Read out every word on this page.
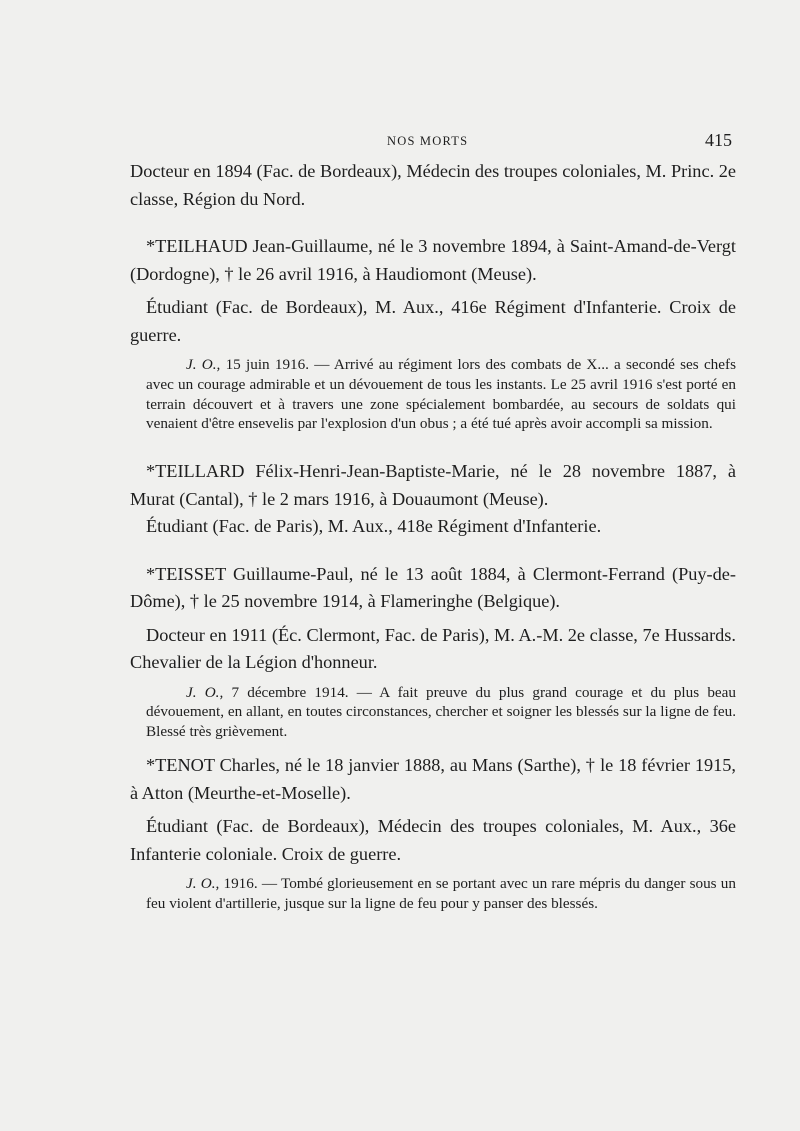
NOS MORTS	415

Docteur en 1894 (Fac. de Bordeaux), Médecin des troupes coloniales, M. Princ. 2e classe, Région du Nord.

*TEILHAUD Jean-Guillaume, né le 3 novembre 1894, à Saint-Amand-de-Vergt (Dordogne), † le 26 avril 1916, à Haudiomont (Meuse).

Étudiant (Fac. de Bordeaux), M. Aux., 416e Régiment d'Infanterie. Croix de guerre.

J. O., 15 juin 1916. — Arrivé au régiment lors des combats de X... a secondé ses chefs avec un courage admirable et un dévouement de tous les instants. Le 25 avril 1916 s'est porté en terrain découvert et à travers une zone spécialement bombardée, au secours de soldats qui venaient d'être ensevelis par l'explosion d'un obus ; a été tué après avoir accompli sa mission.

*TEILLARD Félix-Henri-Jean-Baptiste-Marie, né le 28 novembre 1887, à Murat (Cantal), † le 2 mars 1916, à Douaumont (Meuse).

Étudiant (Fac. de Paris), M. Aux., 418e Régiment d'Infanterie.

*TEISSET Guillaume-Paul, né le 13 août 1884, à Clermont-Ferrand (Puy-de-Dôme), † le 25 novembre 1914, à Flameringhe (Belgique).

Docteur en 1911 (Éc. Clermont, Fac. de Paris), M. A.-M. 2e classe, 7e Hussards. Chevalier de la Légion d'honneur.

J. O., 7 décembre 1914. — A fait preuve du plus grand courage et du plus beau dévouement, en allant, en toutes circonstances, chercher et soigner les blessés sur la ligne de feu. Blessé très grièvement.

*TENOT Charles, né le 18 janvier 1888, au Mans (Sarthe), † le 18 février 1915, à Atton (Meurthe-et-Moselle).

Étudiant (Fac. de Bordeaux), Médecin des troupes coloniales, M. Aux., 36e Infanterie coloniale. Croix de guerre.

J. O., 1916. — Tombé glorieusement en se portant avec un rare mépris du danger sous un feu violent d'artillerie, jusque sur la ligne de feu pour y panser des blessés.
